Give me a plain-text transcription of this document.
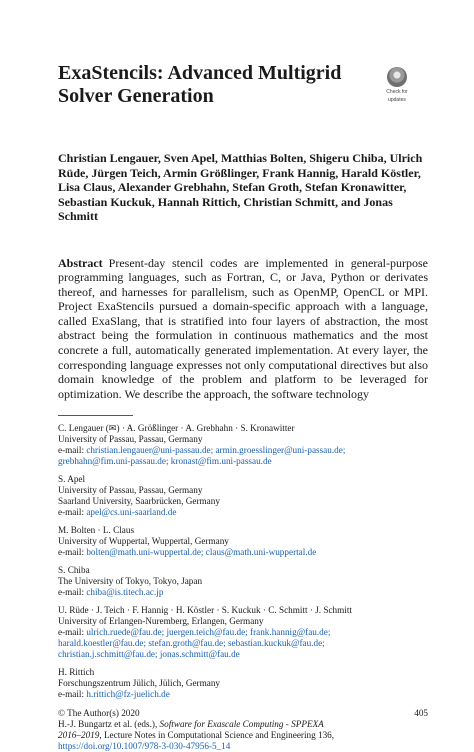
ExaStencils: Advanced Multigrid Solver Generation
Christian Lengauer, Sven Apel, Matthias Bolten, Shigeru Chiba, Ulrich Rüde, Jürgen Teich, Armin Größlinger, Frank Hannig, Harald Köstler, Lisa Claus, Alexander Grebhahn, Stefan Groth, Stefan Kronawitter, Sebastian Kuckuk, Hannah Rittich, Christian Schmitt, and Jonas Schmitt
Abstract Present-day stencil codes are implemented in general-purpose programming languages, such as Fortran, C, or Java, Python or derivates thereof, and harnesses for parallelism, such as OpenMP, OpenCL or MPI. Project ExaStencils pursued a domain-specific approach with a language, called ExaSlang, that is stratified into four layers of abstraction, the most abstract being the formulation in continuous mathematics and the most concrete a full, automatically generated implementation. At every layer, the corresponding language expresses not only computational directives but also domain knowledge of the problem and platform to be leveraged for optimization. We describe the approach, the software technology
C. Lengauer (✉) · A. Größlinger · A. Grebhahn · S. Kronawitter
University of Passau, Passau, Germany
e-mail: christian.lengauer@uni-passau.de; armin.groesslinger@uni-passau.de;
grebhahn@fim.uni-passau.de; kronast@fim.uni-passau.de
S. Apel
University of Passau, Passau, Germany
Saarland University, Saarbrücken, Germany
e-mail: apel@cs.uni-saarland.de
M. Bolten · L. Claus
University of Wuppertal, Wuppertal, Germany
e-mail: bolten@math.uni-wuppertal.de; claus@math.uni-wuppertal.de
S. Chiba
The University of Tokyo, Tokyo, Japan
e-mail: chiba@is.titech.ac.jp
U. Rüde · J. Teich · F. Hannig · H. Köstler · S. Kuckuk · C. Schmitt · J. Schmitt
University of Erlangen-Nuremberg, Erlangen, Germany
e-mail: ulrich.ruede@fau.de; juergen.teich@fau.de; frank.hannig@fau.de;
harald.koestler@fau.de; stefan.groth@fau.de; sebastian.kuckuk@fau.de;
christian.j.schmitt@fau.de; jonas.schmitt@fau.de
H. Rittich
Forschungszentrum Jülich, Jülich, Germany
e-mail: h.rittich@fz-juelich.de
405
© The Author(s) 2020
H.-J. Bungartz et al. (eds.), Software for Exascale Computing - SPPEXA
2016–2019, Lecture Notes in Computational Science and Engineering 136,
https://doi.org/10.1007/978-3-030-47956-5_14
Check for
updates
